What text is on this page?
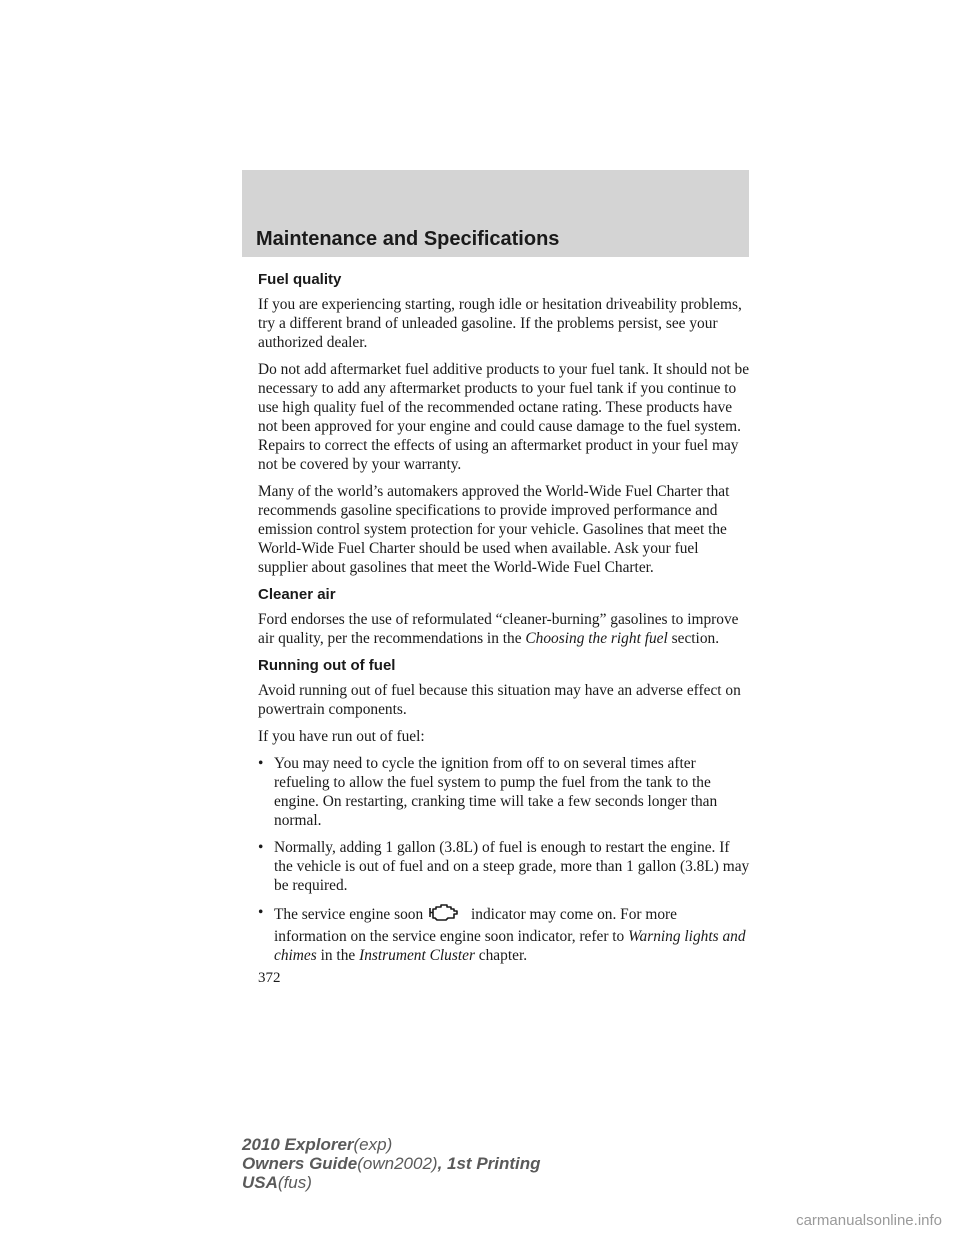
Maintenance and Specifications
Fuel quality

If you are experiencing starting, rough idle or hesitation driveability problems, try a different brand of unleaded gasoline. If the problems persist, see your authorized dealer.

Do not add aftermarket fuel additive products to your fuel tank. It should not be necessary to add any aftermarket products to your fuel tank if you continue to use high quality fuel of the recommended octane rating. These products have not been approved for your engine and could cause damage to the fuel system. Repairs to correct the effects of using an aftermarket product in your fuel may not be covered by your warranty.

Many of the world’s automakers approved the World-Wide Fuel Charter that recommends gasoline specifications to provide improved performance and emission control system protection for your vehicle. Gasolines that meet the World-Wide Fuel Charter should be used when available. Ask your fuel supplier about gasolines that meet the World-Wide Fuel Charter.

Cleaner air

Ford endorses the use of reformulated “cleaner-burning” gasolines to improve air quality, per the recommendations in the Choosing the right fuel section.

Running out of fuel

Avoid running out of fuel because this situation may have an adverse effect on powertrain components.

If you have run out of fuel:

• You may need to cycle the ignition from off to on several times after refueling to allow the fuel system to pump the fuel from the tank to the engine. On restarting, cranking time will take a few seconds longer than normal.
• Normally, adding 1 gallon (3.8L) of fuel is enough to restart the engine. If the vehicle is out of fuel and on a steep grade, more than 1 gallon (3.8L) may be required.
• The service engine soon	indicator may come on. For more information on the service engine soon indicator, refer to Warning lights and chimes in the Instrument Cluster chapter.
372
2010 Explorer(exp)
Owners Guide(own2002), 1st Printing
USA(fus)
carmanualsonline.info
